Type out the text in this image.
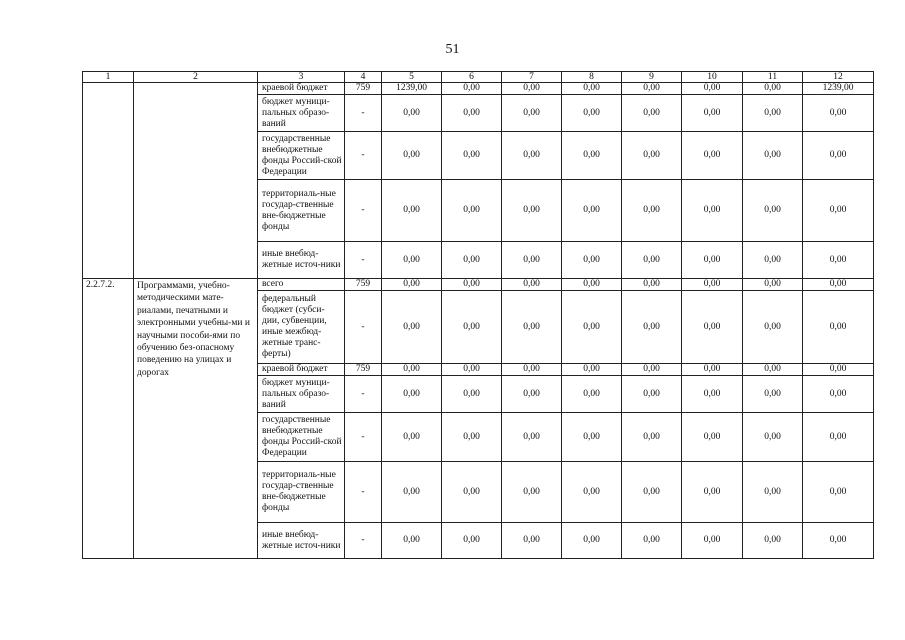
51
1	2	3	4	5	6	7	8	9	10	11	12
		краевой бюджет	759	1239,00	0,00	0,00	0,00	0,00	0,00	0,00	1239,00
		бюджет муници-пальных образо-ваний	-	0,00	0,00	0,00	0,00	0,00	0,00	0,00	0,00
		государственные внебюджетные фонды Россий-ской Федерации	-	0,00	0,00	0,00	0,00	0,00	0,00	0,00	0,00
		территориаль-ные государ-ственные вне-бюджетные фонды	-	0,00	0,00	0,00	0,00	0,00	0,00	0,00	0,00
		иные внебюд-жетные источ-ники	-	0,00	0,00	0,00	0,00	0,00	0,00	0,00	0,00
2.2.7.2.	Программами, учебно-методическими мате-риалами, печатными и электронными учебны-ми и научными пособи-ями по обучению без-опасному поведению на улицах и дорогах	всего	759	0,00	0,00	0,00	0,00	0,00	0,00	0,00	0,00
		федеральный бюджет (субси-дии, субвенции, иные межбюд-жетные транс-ферты)	-	0,00	0,00	0,00	0,00	0,00	0,00	0,00	0,00
		краевой бюджет	759	0,00	0,00	0,00	0,00	0,00	0,00	0,00	0,00
		бюджет муници-пальных образо-ваний	-	0,00	0,00	0,00	0,00	0,00	0,00	0,00	0,00
		государственные внебюджетные фонды Россий-ской Федерации	-	0,00	0,00	0,00	0,00	0,00	0,00	0,00	0,00
		территориаль-ные государ-ственные вне-бюджетные фонды	-	0,00	0,00	0,00	0,00	0,00	0,00	0,00	0,00
		иные внебюд-жетные источ-ники	-	0,00	0,00	0,00	0,00	0,00	0,00	0,00	0,00
